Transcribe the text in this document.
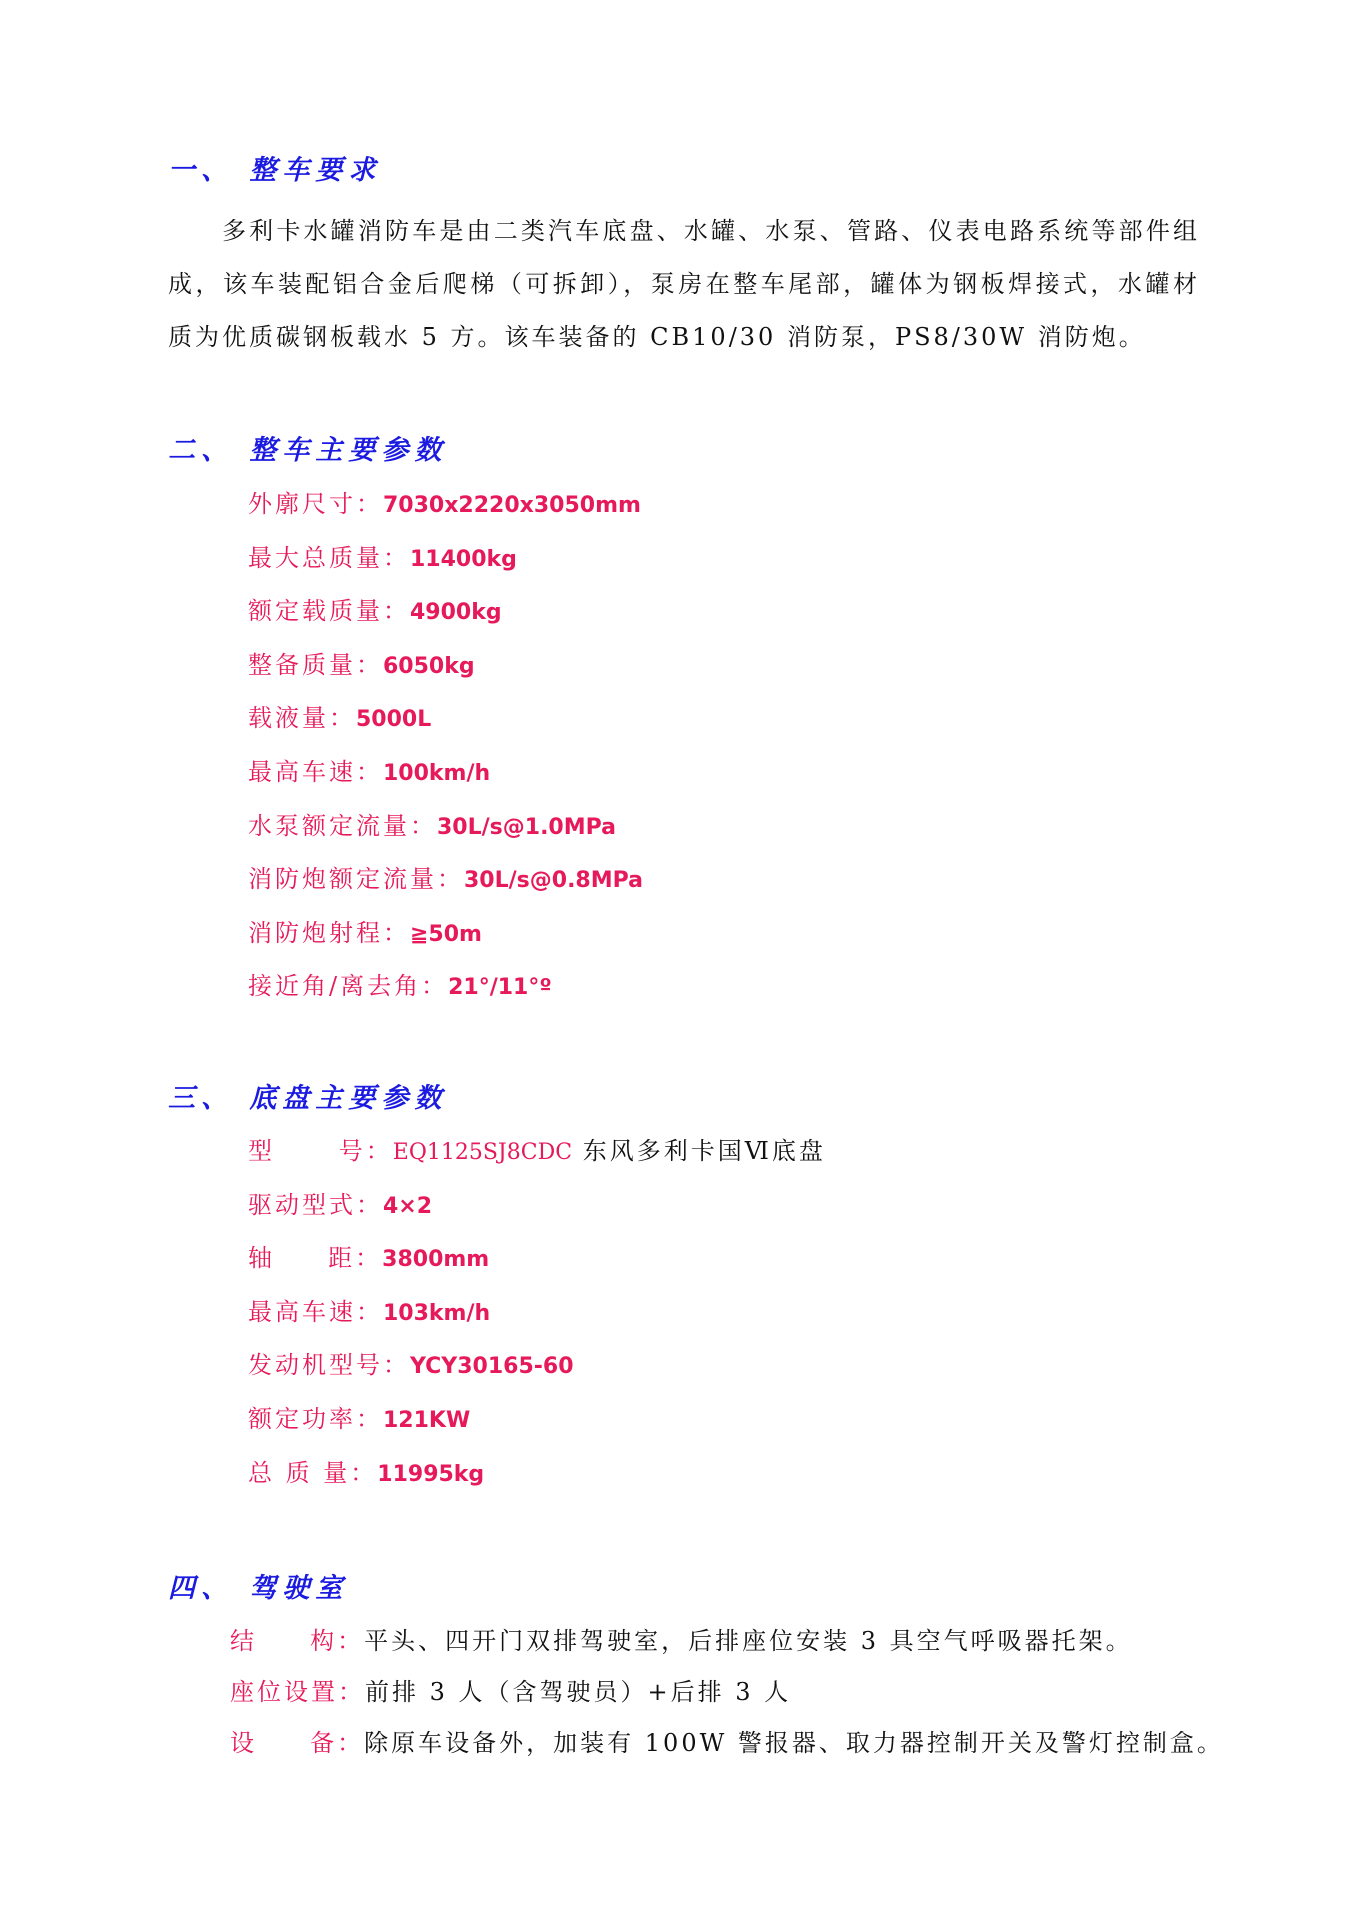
一、 整车要求

多利卡水罐消防车是由二类汽车底盘、水罐、水泵、管路、仪表电路系统等部件组成，该车装配铝合金后爬梯（可拆卸），泵房在整车尾部，罐体为钢板焊接式，水罐材质为优质碳钢板载水 5 方。该车装备的 CB10/30 消防泵，PS8/30W 消防炮。

二、 整车主要参数
外廓尺寸：7030x2220x3050mm
最大总质量：11400kg
额定载质量：4900kg
整备质量：6050kg
载液量：5000L
最高车速：100km/h
水泵额定流量：30L/s@1.0MPa
消防炮额定流量：30L/s@0.8MPa
消防炮射程：≧50m
接近角/离去角：21°/11°º
三、 底盘主要参数
型      号：EQ1125SJ8CDC 东风多利卡国Ⅵ底盘
驱动型式：4×2
轴     距：3800mm
最高车速：103km/h
发动机型号：YCY30165-60
额定功率：121KW
总 质 量：11995kg
四、 驾驶室
结     构：平头、四开门双排驾驶室，后排座位安装 3 具空气呼吸器托架。
座位设置：前排 3 人（含驾驶员）+后排 3 人
设     备：除原车设备外，加装有 100W 警报器、取力器控制开关及警灯控制盒。
